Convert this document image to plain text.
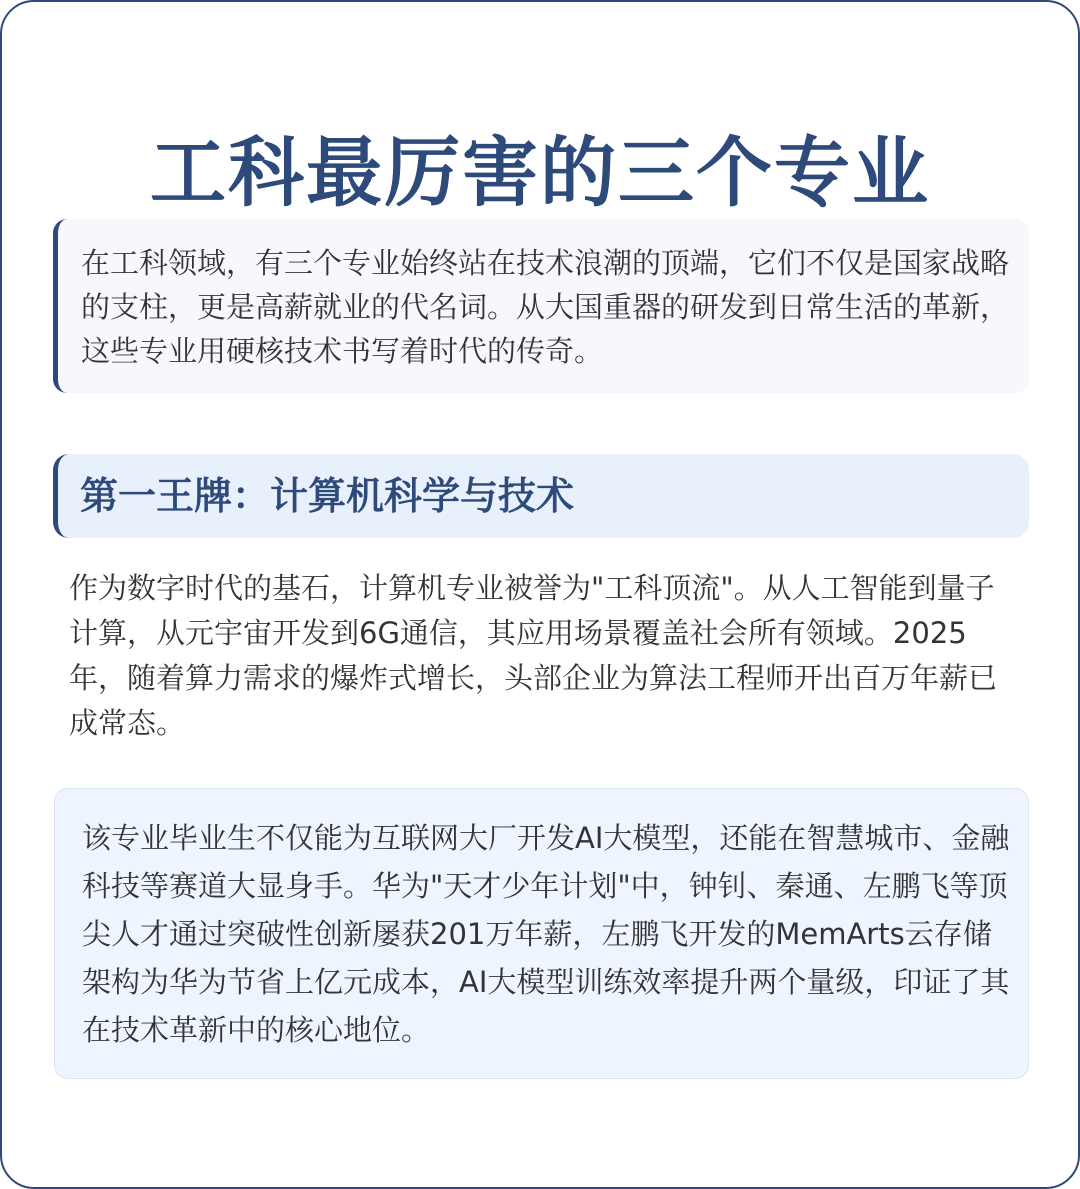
工科最厉害的三个专业

在工科领域，有三个专业始终站在技术浪潮的顶端，它们不仅是国家战略的支柱，更是高薪就业的代名词。从大国重器的研发到日常生活的革新，这些专业用硬核技术书写着时代的传奇。

第一王牌：计算机科学与技术

作为数字时代的基石，计算机专业被誉为"工科顶流"。从人工智能到量子计算，从元宇宙开发到6G通信，其应用场景覆盖社会所有领域。2025年，随着算力需求的爆炸式增长，头部企业为算法工程师开出百万年薪已成常态。

该专业毕业生不仅能为互联网大厂开发AI大模型，还能在智慧城市、金融科技等赛道大显身手。华为"天才少年计划"中，钟钊、秦通、左鹏飞等顶尖人才通过突破性创新屡获201万年薪，左鹏飞开发的MemArts云存储架构为华为节省上亿元成本，AI大模型训练效率提升两个量级，印证了其在技术革新中的核心地位。
